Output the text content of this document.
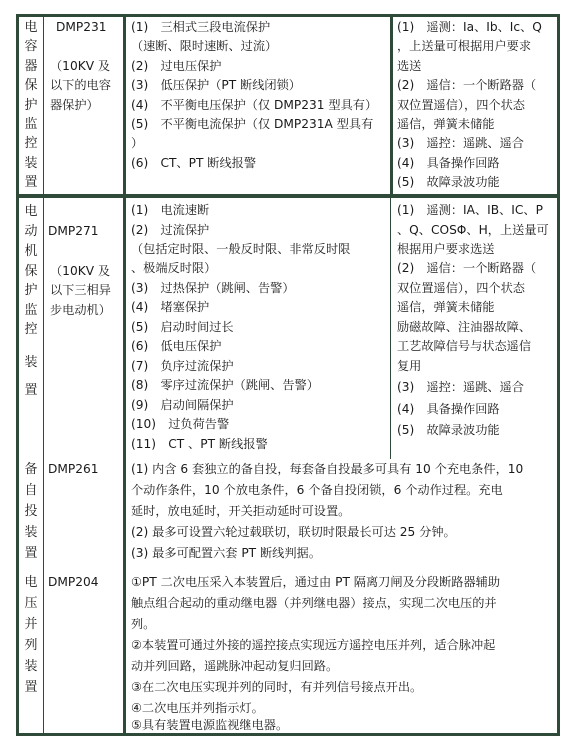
电
容
器
保
护
监
控
装
置
DMP231
（10KV 及
以下的电容
器保护）
(1)　三相式三段电流保护
（速断、限时速断、过流）
(2)　过电压保护
(3)　低压保护（PT 断线闭锁）
(4)　不平衡电压保护（仅 DMP231 型具有）
(5)　不平衡电流保护（仅 DMP231A 型具有
）
(6)　CT、PT 断线报警
(1)　遥测：Ia、Ib、Ic、Q
，上送量可根据用户要求
选送
(2)　遥信：一个断路器（
双位置遥信），四个状态
遥信，弹簧未储能
(3)　遥控：遥跳、遥合
(4)　具备操作回路
(5)　故障录波功能
电
动
机
保
护
监
控
装
置
DMP271
（10KV 及
以下三相异
步电动机）
(1)　电流速断
(2)　过流保护
（包括定时限、一般反时限、非常反时限
、极端反时限）
(3)　过热保护（跳闸、告警）
(4)　堵塞保护
(5)　启动时间过长
(6)　低电压保护
(7)　负序过流保护
(8)　零序过流保护（跳闸、告警）
(9)　启动间隔保护
(10)　过负荷告警
(11)　CT 、PT 断线报警
(1)　遥测：IA、IB、IC、P
、Q、COSΦ、H，上送量可
根据用户要求选送
(2)　遥信：一个断路器（
双位置遥信），四个状态
遥信，弹簧未储能
励磁故障、注油器故障、
工艺故障信号与状态遥信
复用
(3)　遥控：遥跳、遥合
(4)　具备操作回路
(5)　故障录波功能
备
自
投
装
置
DMP261	(1) 内含 6 套独立的备自投，每套备自投最多可具有 10 个充电条件，10
个动作条件，10 个放电条件，6 个备自投闭锁，6 个动作过程。充电
延时，放电延时，开关拒动延时可设置。
(2) 最多可设置六轮过载联切，联切时限最长可达 25 分钟。
(3) 最多可配置六套 PT 断线判据。
电
压
并
列
装
置
DMP204	①PT 二次电压采入本装置后，通过由 PT 隔离刀闸及分段断路器辅助
触点组合起动的重动继电器（并列继电器）接点，实现二次电压的并
列。
②本装置可通过外接的遥控接点实现远方遥控电压并列，适合脉冲起
动并列回路，遥跳脉冲起动复归回路。
③在二次电压实现并列的同时，有并列信号接点开出。
④二次电压并列指示灯。
⑤具有装置电源监视继电器。
